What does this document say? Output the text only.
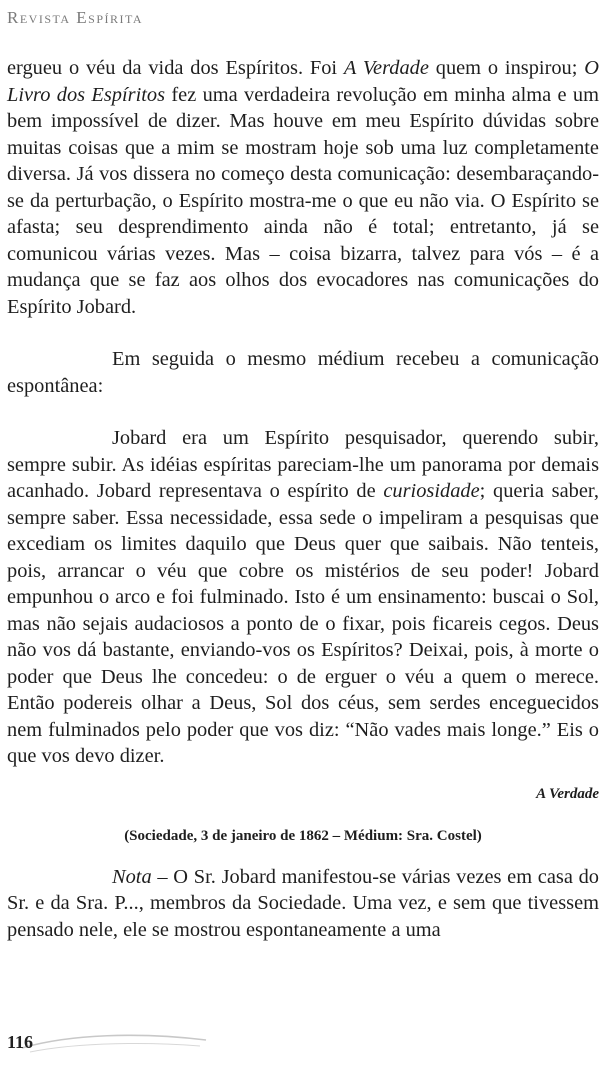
Revista Espírita

ergueu o véu da vida dos Espíritos. Foi A Verdade quem o inspirou; O Livro dos Espíritos fez uma verdadeira revolução em minha alma e um bem impossível de dizer. Mas houve em meu Espírito dúvidas sobre muitas coisas que a mim se mostram hoje sob uma luz completamente diversa. Já vos dissera no começo desta comunicação: desembaraçando-se da perturbação, o Espírito mostra-me o que eu não via. O Espírito se afasta; seu desprendimento ainda não é total; entretanto, já se comunicou várias vezes. Mas – coisa bizarra, talvez para vós – é a mudança que se faz aos olhos dos evocadores nas comunicações do Espírito Jobard.

Em seguida o mesmo médium recebeu a comunicação espontânea:

Jobard era um Espírito pesquisador, querendo subir, sempre subir. As idéias espíritas pareciam-lhe um panorama por demais acanhado. Jobard representava o espírito de curiosidade; queria saber, sempre saber. Essa necessidade, essa sede o impeliram a pesquisas que excediam os limites daquilo que Deus quer que saibais. Não tenteis, pois, arrancar o véu que cobre os mistérios de seu poder! Jobard empunhou o arco e foi fulminado. Isto é um ensinamento: buscai o Sol, mas não sejais audaciosos a ponto de o fixar, pois ficareis cegos. Deus não vos dá bastante, enviando-vos os Espíritos? Deixai, pois, à morte o poder que Deus lhe concedeu: o de erguer o véu a quem o merece. Então podereis olhar a Deus, Sol dos céus, sem serdes enceguecidos nem fulminados pelo poder que vos diz: “Não vades mais longe.” Eis o que vos devo dizer.

A Verdade

(Sociedade, 3 de janeiro de 1862 – Médium: Sra. Costel)

Nota – O Sr. Jobard manifestou-se várias vezes em casa do Sr. e da Sra. P..., membros da Sociedade. Uma vez, e sem que tivessem pensado nele, ele se mostrou espontaneamente a uma

116
